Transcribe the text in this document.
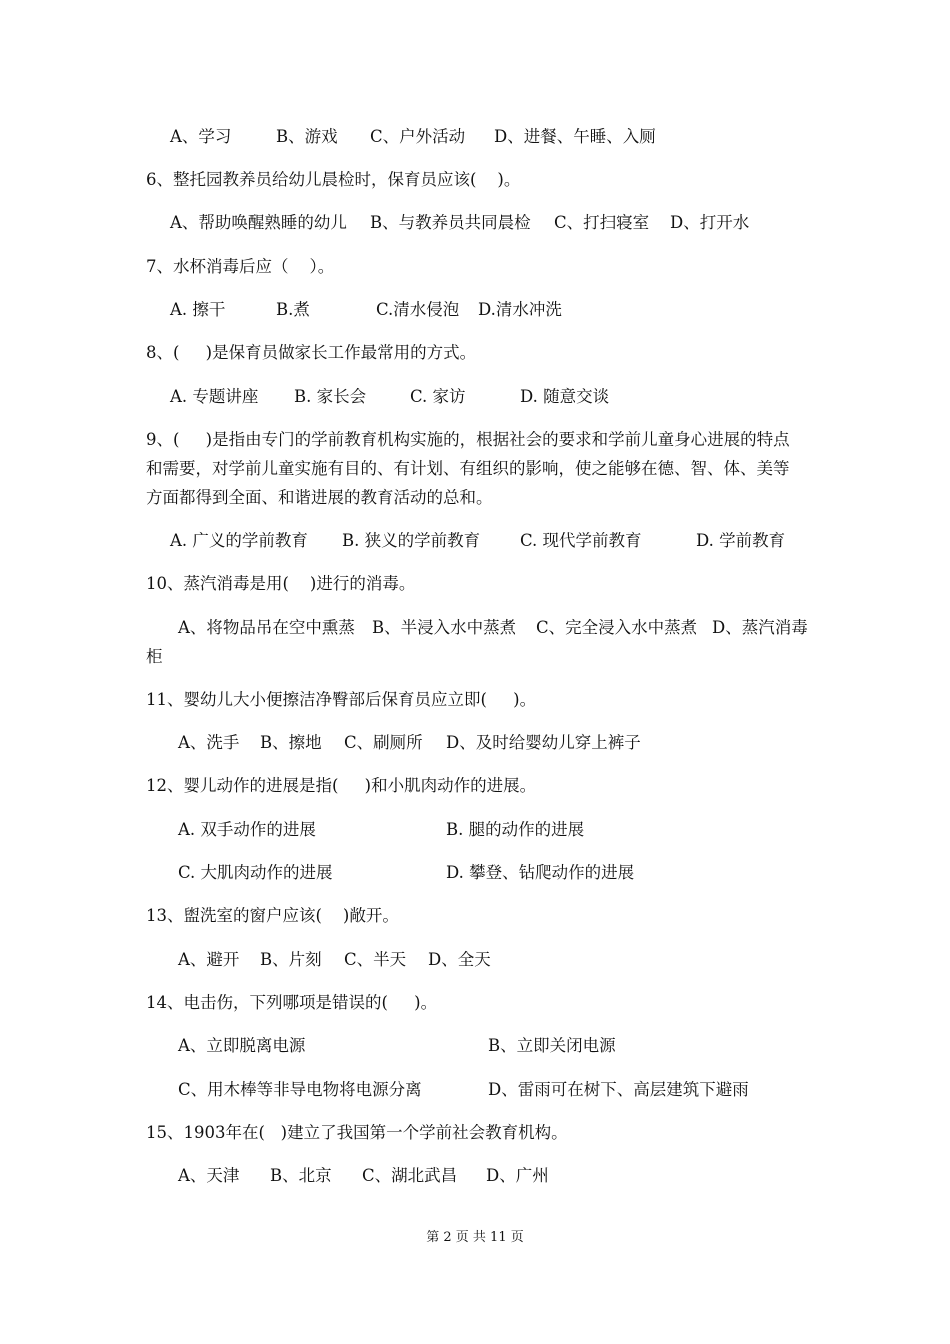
A、学习	B、游戏 C、户外活动 D、进餐、午睡、入厕
6、整托园教养员给幼儿晨检时，保育员应该(    )。
A、帮助唤醒熟睡的幼儿 B、与教养员共同晨检 C、打扫寝室 D、打开水
7、水杯消毒后应（    ）。
A. 擦干	B.煮	C.清水侵泡 D.清水冲洗
8、(     )是保育员做家长工作最常用的方式。
A. 专题讲座 B. 家长会	C. 家访	D. 随意交谈
9、(     )是指由专门的学前教育机构实施的，根据社会的要求和学前儿童身心进展的特点
和需要，对学前儿童实施有目的、有计划、有组织的影响，使之能够在德、智、体、美等
方面都得到全面、和谐进展的教育活动的总和。
A. 广义的学前教育 B. 狭义的学前教育 C. 现代学前教育	D. 学前教育
10、蒸汽消毒是用(    )进行的消毒。
A、将物品吊在空中熏蒸 B、半浸入水中蒸煮 C、完全浸入水中蒸煮 D、蒸汽消毒
柜
11、婴幼儿大小便擦洁净臀部后保育员应立即(     )。
A、洗手 B、擦地 C、刷厕所 D、及时给婴幼儿穿上裤子
12、婴儿动作的进展是指(     )和小肌肉动作的进展。
A. 双手动作的进展	B. 腿的动作的进展
C. 大肌肉动作的进展	D. 攀登、钻爬动作的进展
13、盥洗室的窗户应该(    )敞开。
A、避开 B、片刻 C、半天 D、全天
14、电击伤，下列哪项是错误的(     )。
A、立即脱离电源	B、立即关闭电源
C、用木棒等非导电物将电源分离	D、雷雨可在树下、高层建筑下避雨
15、1903年在(   )建立了我国第一个学前社会教育机构。
A、天津 B、北京 C、湖北武昌 D、广州
第 2 页 共 11 页
